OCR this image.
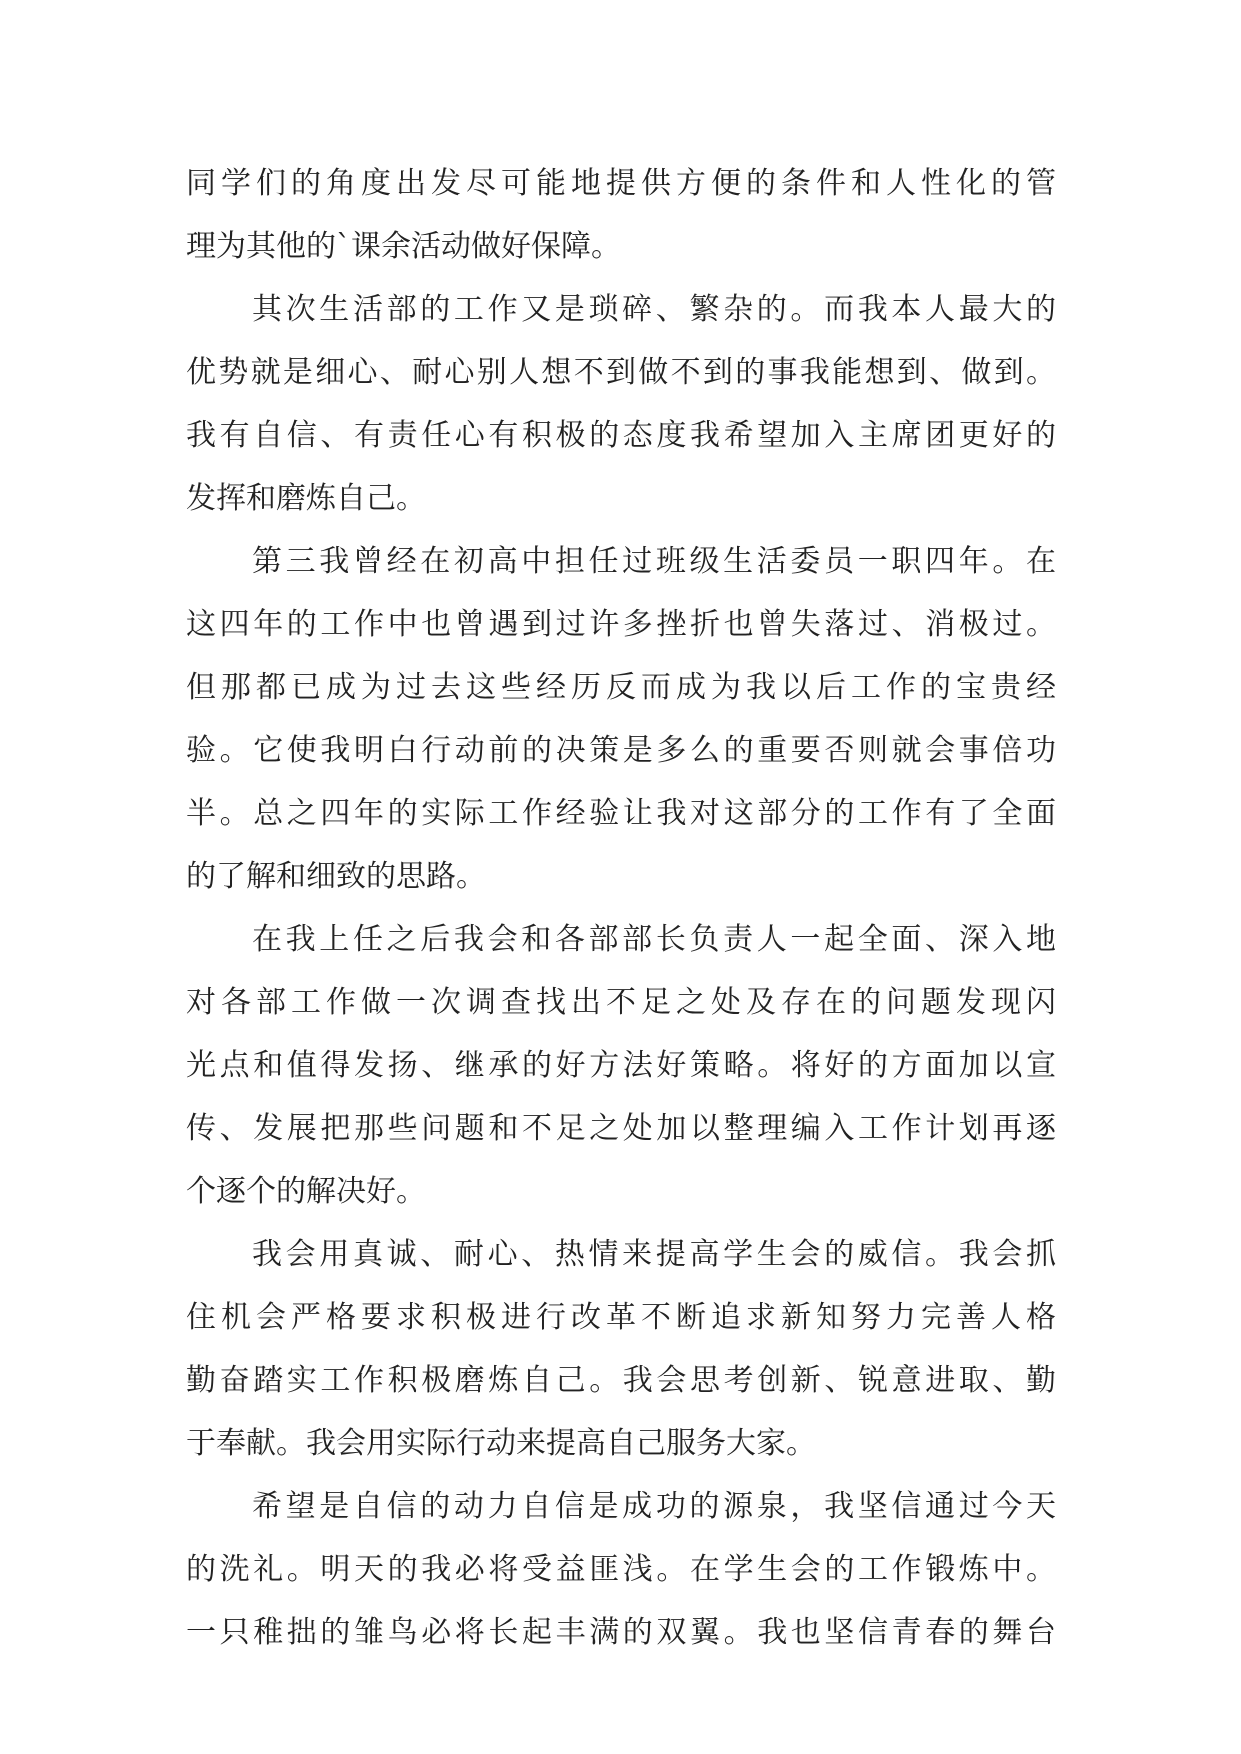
同学们的角度出发尽可能地提供方便的条件和人性化的管
理为其他的`课余活动做好保障。
其次生活部的工作又是琐碎、繁杂的。而我本人最大的
优势就是细心、耐心别人想不到做不到的事我能想到、做到。
我有自信、有责任心有积极的态度我希望加入主席团更好的
发挥和磨炼自己。
第三我曾经在初高中担任过班级生活委员一职四年。在
这四年的工作中也曾遇到过许多挫折也曾失落过、消极过。
但那都已成为过去这些经历反而成为我以后工作的宝贵经
验。它使我明白行动前的决策是多么的重要否则就会事倍功
半。总之四年的实际工作经验让我对这部分的工作有了全面
的了解和细致的思路。
在我上任之后我会和各部部长负责人一起全面、深入地
对各部工作做一次调查找出不足之处及存在的问题发现闪
光点和值得发扬、继承的好方法好策略。将好的方面加以宣
传、发展把那些问题和不足之处加以整理编入工作计划再逐
个逐个的解决好。
我会用真诚、耐心、热情来提高学生会的威信。我会抓
住机会严格要求积极进行改革不断追求新知努力完善人格
勤奋踏实工作积极磨炼自己。我会思考创新、锐意进取、勤
于奉献。我会用实际行动来提高自己服务大家。
希望是自信的动力自信是成功的源泉，我坚信通过今天
的洗礼。明天的我必将受益匪浅。在学生会的工作锻炼中。
一只稚拙的雏鸟必将长起丰满的双翼。我也坚信青春的舞台
